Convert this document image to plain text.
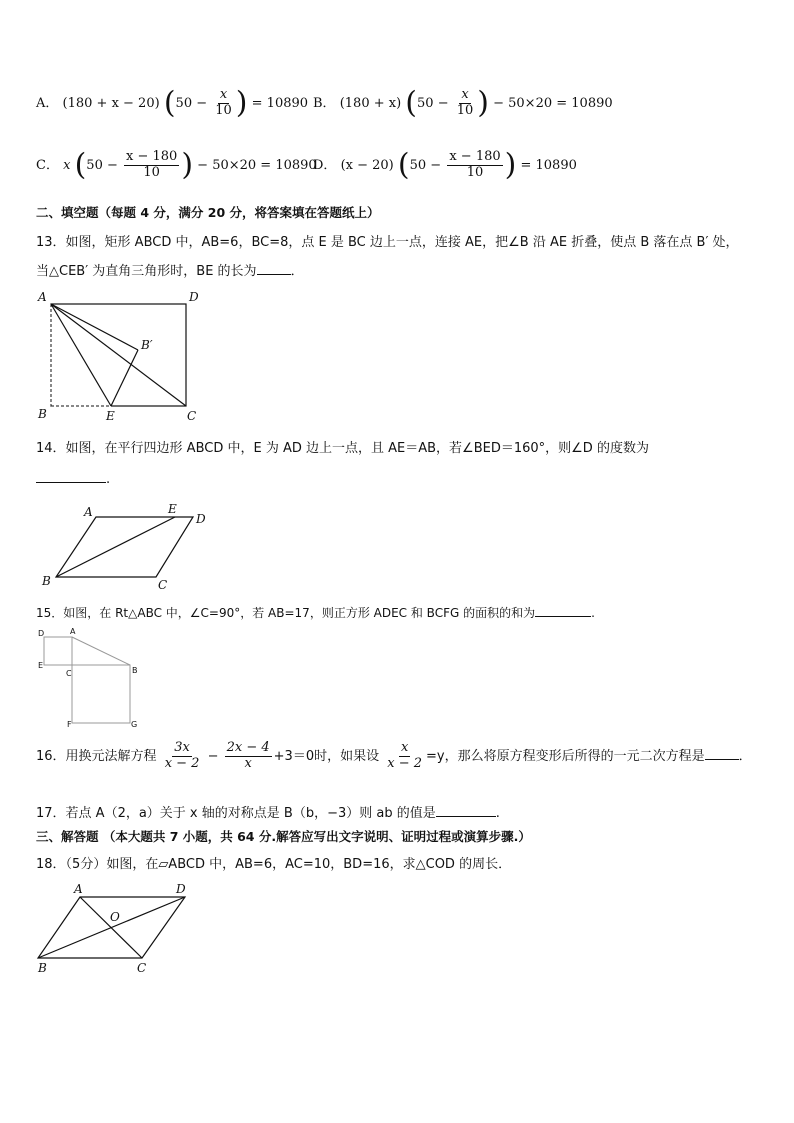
A． (180 + x − 20) ($50 - \frac{x}{10}$ ) = 10890 B． (180 + x) ($50 - \frac{x}{10}$ ) − 50×20 = 10890
C． x ($50 - \frac{x - 180}{10}$ ) − 50×20 = 10890
D． (x − 20) ($50 - \frac{x - 180}{10}$ ) = 10890
二、填空题（每题 4 分，满分 20 分，将答案填在答题纸上）
13．如图，矩形 ABCD 中，AB=6，BC=8，点 E 是 BC 边上一点，连接 AE，把∠B 沿 AE 折叠，使点 B 落在点 B′ 处，
当△CEB′ 为直角三角形时，BE 的长为	．
A	D
B	C
E
B′
A	E
D
B	C
D	A
E
C	B
F	G
A	D
O
B	C
14．如图，在平行四边形 ABCD 中，E 为 AD 边上一点，且 AE＝AB，若∠BED＝160°，则∠D 的度数为
.
15．如图，在 Rt△ABC 中，∠C=90°，若 AB=17，则正方形 ADEC 和 BCFG 的面积的和为	.
16．用换元法解方程 $\frac{3x}{x - 2} - \frac{2x - 4}{x} +3=0$时，如果设 $\frac{x}{x - 2} =y$，那么将原方程变形后所得的一元二次方程是	．
17．若点 A（2，a）关于 x 轴的对称点是 B（b，−3）则 ab 的值是	.
三、解答题 （本大题共 7 小题，共 64 分.解答应写出文字说明、证明过程或演算步骤.）
18．（5分）如图，在▱ABCD 中，AB=6，AC=10，BD=16，求△COD 的周长．
